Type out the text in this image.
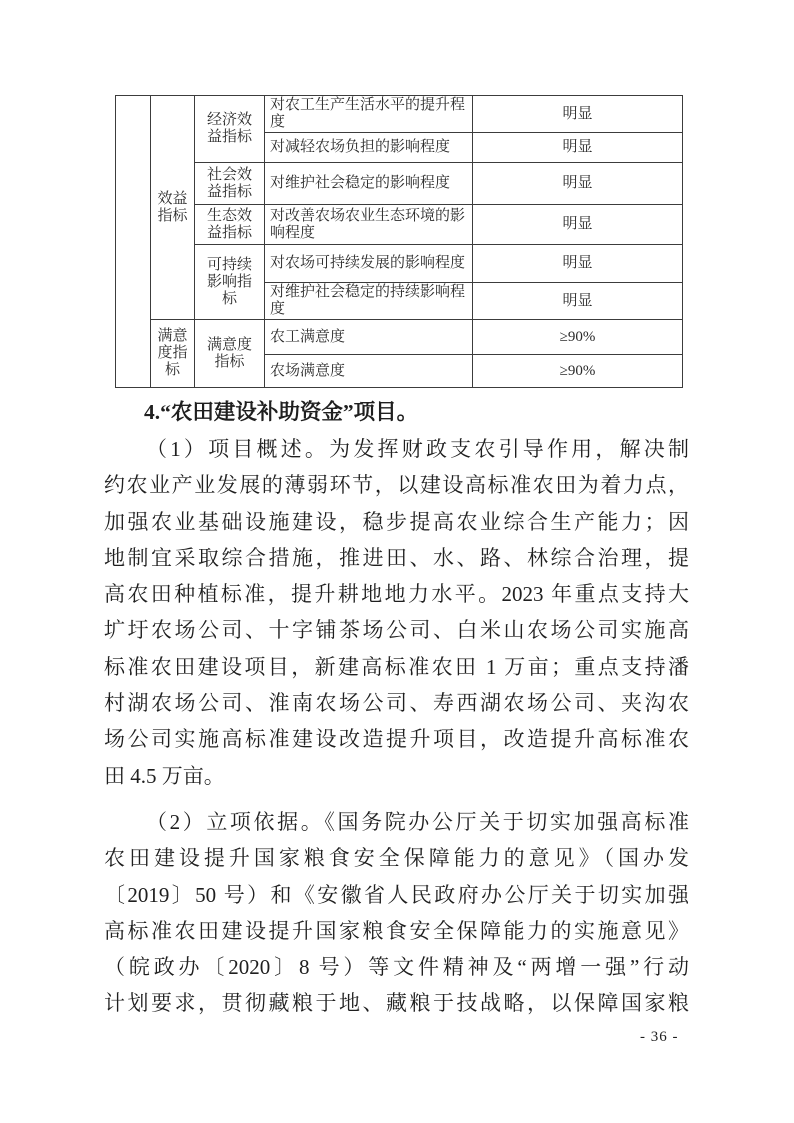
	效益指标	经济效益指标	对农工生产生活水平的提升程度	明显
			对减轻农场负担的影响程度	明显
		社会效益指标	对维护社会稳定的影响程度	明显
		生态效益指标	对改善农场农业生态环境的影响程度	明显
		可持续影响指标	对农场可持续发展的影响程度	明显
			对维护社会稳定的持续影响程度	明显
	满意度指标	满意度指标	农工满意度	≥90%
			农场满意度	≥90%
4.“农田建设补助资金”项目。
（1）项目概述。为发挥财政支农引导作用，解决制
约农业产业发展的薄弱环节，以建设高标准农田为着力点，
加强农业基础设施建设，稳步提高农业综合生产能力；因
地制宜采取综合措施，推进田、水、路、林综合治理，提
高农田种植标准，提升耕地地力水平。2023 年重点支持大
圹圩农场公司、十字铺茶场公司、白米山农场公司实施高
标准农田建设项目，新建高标准农田 1 万亩；重点支持潘
村湖农场公司、淮南农场公司、寿西湖农场公司、夹沟农
场公司实施高标准建设改造提升项目，改造提升高标准农
田 4.5 万亩。
（2）立项依据。《国务院办公厅关于切实加强高标准
农田建设提升国家粮食安全保障能力的意见》（国办发
〔2019〕50 号）和《安徽省人民政府办公厅关于切实加强
高标准农田建设提升国家粮食安全保障能力的实施意见》
（皖政办〔2020〕8 号）等文件精神及“两增一强”行动
计划要求，贯彻藏粮于地、藏粮于技战略，以保障国家粮
- 36 -
